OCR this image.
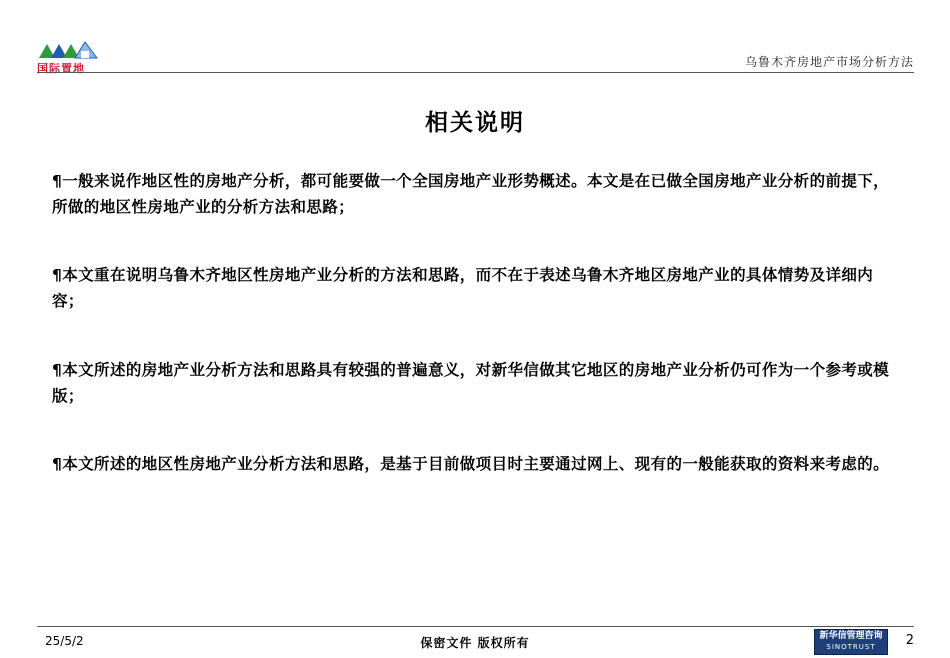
国际置地	乌鲁木齐房地产市场分析方法
相关说明
¶一般来说作地区性的房地产分析，都可能要做一个全国房地产业形势概述。本文是在已做全国房地产业分析的前提下，所做的地区性房地产业的分析方法和思路；
¶本文重在说明乌鲁木齐地区性房地产业分析的方法和思路，而不在于表述乌鲁木齐地区房地产业的具体情势及详细内容；
¶本文所述的房地产业分析方法和思路具有较强的普遍意义，对新华信做其它地区的房地产业分析仍可作为一个参考或模版；
¶本文所述的地区性房地产业分析方法和思路，是基于目前做项目时主要通过网上、现有的一般能获取的资料来考虑的。
25/5/2	保密文件 版权所有	新华信管理咨询
SINOTRUST	2
